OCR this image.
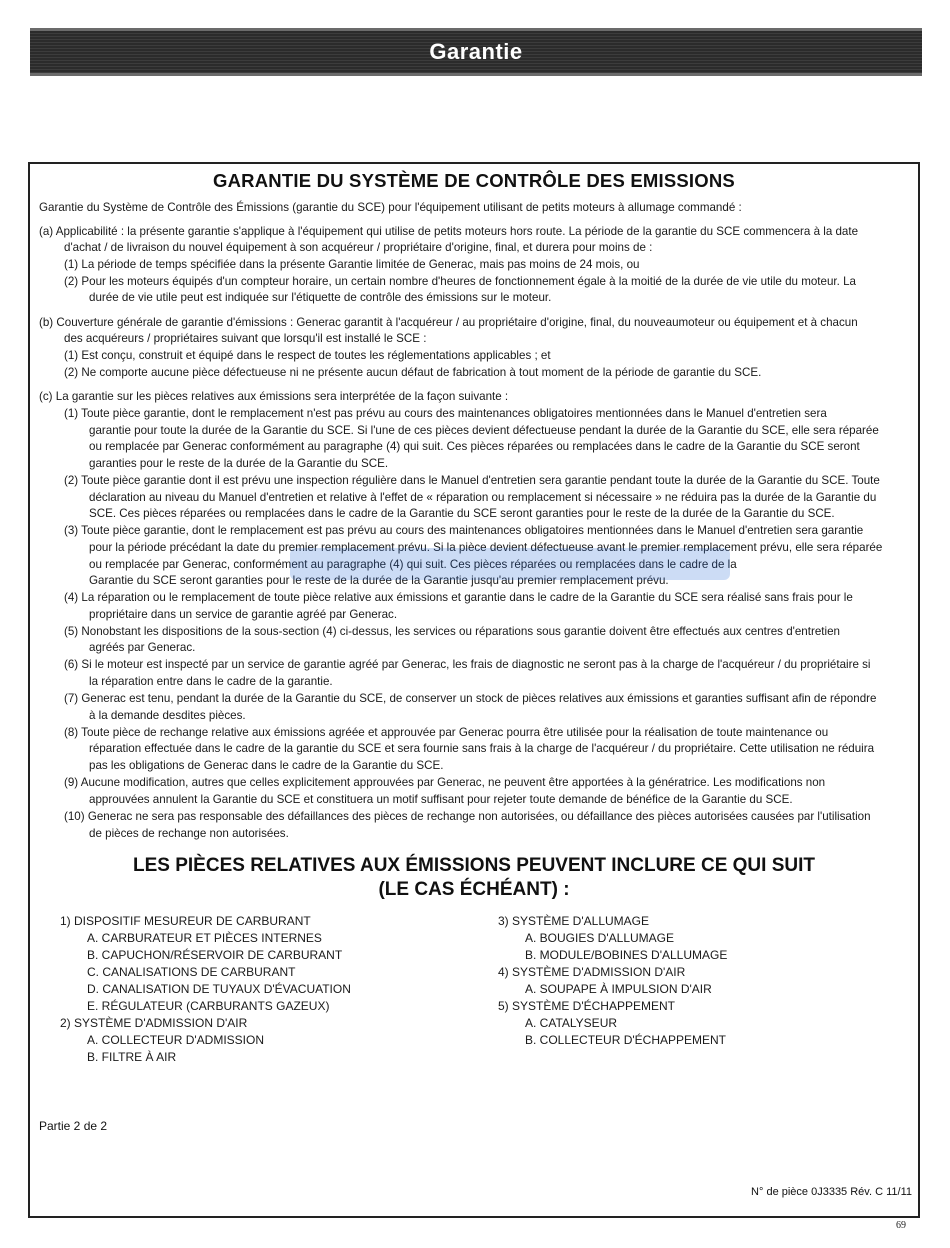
Garantie
GARANTIE DU SYSTÈME DE CONTRÔLE DES EMISSIONS
Garantie du Système de Contrôle des Émissions (garantie du SCE) pour l'équipement utilisant de petits moteurs à allumage commandé :
(a) Applicabilité : la présente garantie s'applique à l'équipement qui utilise de petits moteurs hors route. La période de la garantie du SCE commencera à la date
d'achat / de livraison du nouvel équipement à son acquéreur / propriétaire d'origine, final, et durera pour moins de :
(1) La période de temps spécifiée dans la présente Garantie limitée de Generac, mais pas moins de 24 mois, ou
(2) Pour les moteurs équipés d'un compteur horaire, un certain nombre d'heures de fonctionnement égale à la moitié de la durée de vie utile du moteur. La
durée de vie utile peut est indiquée sur l'étiquette de contrôle des émissions sur le moteur.
(b) Couverture générale de garantie d'émissions : Generac garantit à l'acquéreur / au propriétaire d'origine, final, du nouveaumoteur ou équipement et à chacun
des acquéreurs / propriétaires suivant que lorsqu'il est installé le SCE :
(1) Est conçu, construit et équipé dans le respect de toutes les réglementations applicables ; et
(2) Ne comporte aucune pièce défectueuse ni ne présente aucun défaut de fabrication à tout moment de la période de garantie du SCE.
(c) La garantie sur les pièces relatives aux émissions sera interprétée de la façon suivante :
(1) Toute pièce garantie, dont le remplacement n'est pas prévu au cours des maintenances obligatoires mentionnées dans le Manuel d'entretien sera
garantie pour toute la durée de la Garantie du SCE. Si l'une de ces pièces devient défectueuse pendant la durée de la Garantie du SCE, elle sera réparée
ou remplacée par Generac conformément au paragraphe (4) qui suit. Ces pièces réparées ou remplacées dans le cadre de la Garantie du SCE seront
garanties pour le reste de la durée de la Garantie du SCE.
(2) Toute pièce garantie dont il est prévu une inspection régulière dans le Manuel d'entretien sera garantie pendant toute la durée de la Garantie du SCE. Toute
déclaration au niveau du Manuel d'entretien et relative à l'effet de « réparation ou remplacement si nécessaire » ne réduira pas la durée de la Garantie du
SCE. Ces pièces réparées ou remplacées dans le cadre de la Garantie du SCE seront garanties pour le reste de la durée de la Garantie du SCE.
(3) Toute pièce garantie, dont le remplacement est pas prévu au cours des maintenances obligatoires mentionnées dans le Manuel d'entretien sera garantie
pour la période précédant la date du premier remplacement prévu. Si la pièce devient défectueuse avant le premier remplacement prévu, elle sera réparée
ou remplacée par Generac, conformément au paragraphe (4) qui suit. Ces pièces réparées ou remplacées dans le cadre de la
Garantie du SCE seront garanties pour le reste de la durée de la Garantie jusqu'au premier remplacement prévu.
(4) La réparation ou le remplacement de toute pièce relative aux émissions et garantie dans le cadre de la Garantie du SCE sera réalisé sans frais pour le
propriétaire dans un service de garantie agréé par Generac.
(5) Nonobstant les dispositions de la sous-section (4) ci-dessus, les services ou réparations sous garantie doivent être effectués aux centres d'entretien
agréés par Generac.
(6) Si le moteur est inspecté par un service de garantie agréé par Generac, les frais de diagnostic ne seront pas à la charge de l'acquéreur / du propriétaire si
la réparation entre dans le cadre de la garantie.
(7) Generac est tenu, pendant la durée de la Garantie du SCE, de conserver un stock de pièces relatives aux émissions et garanties suffisant afin de répondre
à la demande desdites pièces.
(8) Toute pièce de rechange relative aux émissions agréée et approuvée par Generac pourra être utilisée pour la réalisation de toute maintenance ou
réparation effectuée dans le cadre de la garantie du SCE et sera fournie sans frais à la charge de l'acquéreur / du propriétaire. Cette utilisation ne réduira
pas les obligations de Generac dans le cadre de la Garantie du SCE.
(9) Aucune modification, autres que celles explicitement approuvées par Generac, ne peuvent être apportées à la génératrice. Les modifications non
approuvées annulent la Garantie du SCE et constituera un motif suffisant pour rejeter toute demande de bénéfice de la Garantie du SCE.
(10) Generac ne sera pas responsable des défaillances des pièces de rechange non autorisées, ou défaillance des pièces autorisées causées par l'utilisation
de pièces de rechange non autorisées.
LES PIÈCES RELATIVES AUX ÉMISSIONS PEUVENT INCLURE CE QUI SUIT
(LE CAS ÉCHÉANT) :
1) DISPOSITIF MESUREUR DE CARBURANT
A. CARBURATEUR ET PIÈCES INTERNES
B. CAPUCHON/RÉSERVOIR DE CARBURANT
C. CANALISATIONS DE CARBURANT
D. CANALISATION DE TUYAUX D'ÉVACUATION
E. RÉGULATEUR (CARBURANTS GAZEUX)
2) SYSTÈME D'ADMISSION D'AIR
A. COLLECTEUR D'ADMISSION
B. FILTRE À AIR
3) SYSTÈME D'ALLUMAGE
A. BOUGIES D'ALLUMAGE
B. MODULE/BOBINES D'ALLUMAGE
4) SYSTÈME D'ADMISSION D'AIR
A. SOUPAPE À IMPULSION D'AIR
5) SYSTÈME D'ÉCHAPPEMENT
A. CATALYSEUR
B. COLLECTEUR D'ÉCHAPPEMENT
Partie 2 de 2
N° de pièce 0J3335 Rév. C 11/11
69
